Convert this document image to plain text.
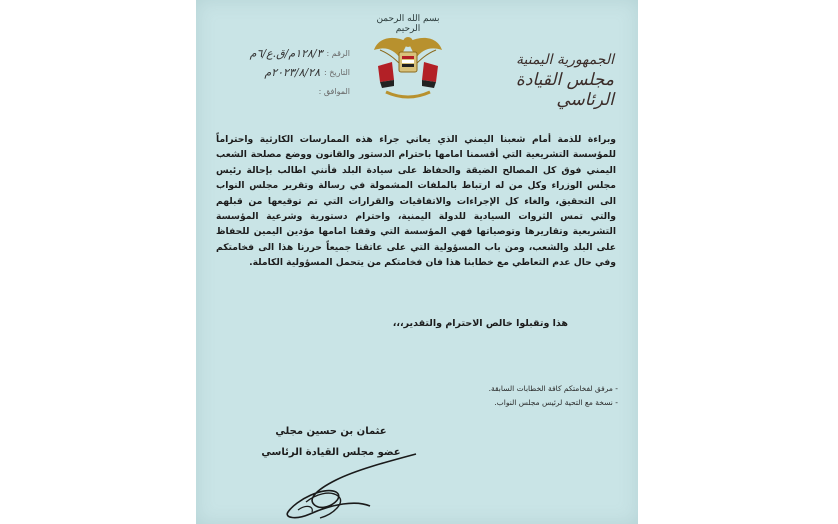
بسم الله الرحمن الرحيم
الجمهورية اليمنية
مجلس القيادة الرئاسي
الرقم :
١٢٨/٣م/ق.ع/٦م
التاريخ :
٢٠٢٣/٨/٢٨م
الموافق :

وبراءة للذمة أمام شعبنا اليمني الذي يعاني جراء هذه الممارسات الكارثية واحتراماً للمؤسسة التشريعية التي أقسمنا امامها باحترام الدستور والقانون ووضع مصلحة الشعب اليمني فوق كل المصالح الضيقة والحفاظ على سيادة البلد فأنني اطالب بإحالة رئيس مجلس الوزراء وكل من له ارتباط بالملفات المشمولة في رسالة وتقرير مجلس النواب الى التحقيق، والغاء كل الإجراءات والاتفاقيات والقرارات التي تم توقيعها من قبلهم والتي تمس الثروات السيادية للدولة اليمنية، واحترام دستورية وشرعية المؤسسة التشريعية وتقاريرها وتوصياتها فهي المؤسسة التي وقفنا امامها مؤدين اليمين للحفاظ على البلد والشعب، ومن باب المسؤولية التي على عاتقنا جميعاً حررنا هذا الى فخامتكم وفي حال عدم التعاطي مع خطابنا هذا فان فخامتكم من يتحمل المسؤولية الكاملة.

هذا وتقبلوا خالص الاحترام والتقدير،،،
- مرفق لفخامتكم كافة الخطابات السابقة.
- نسخة مع التحية لرئيس مجلس النواب.
عثمان بن حسين مجلي
عضو مجلس القيادة الرئاسي
